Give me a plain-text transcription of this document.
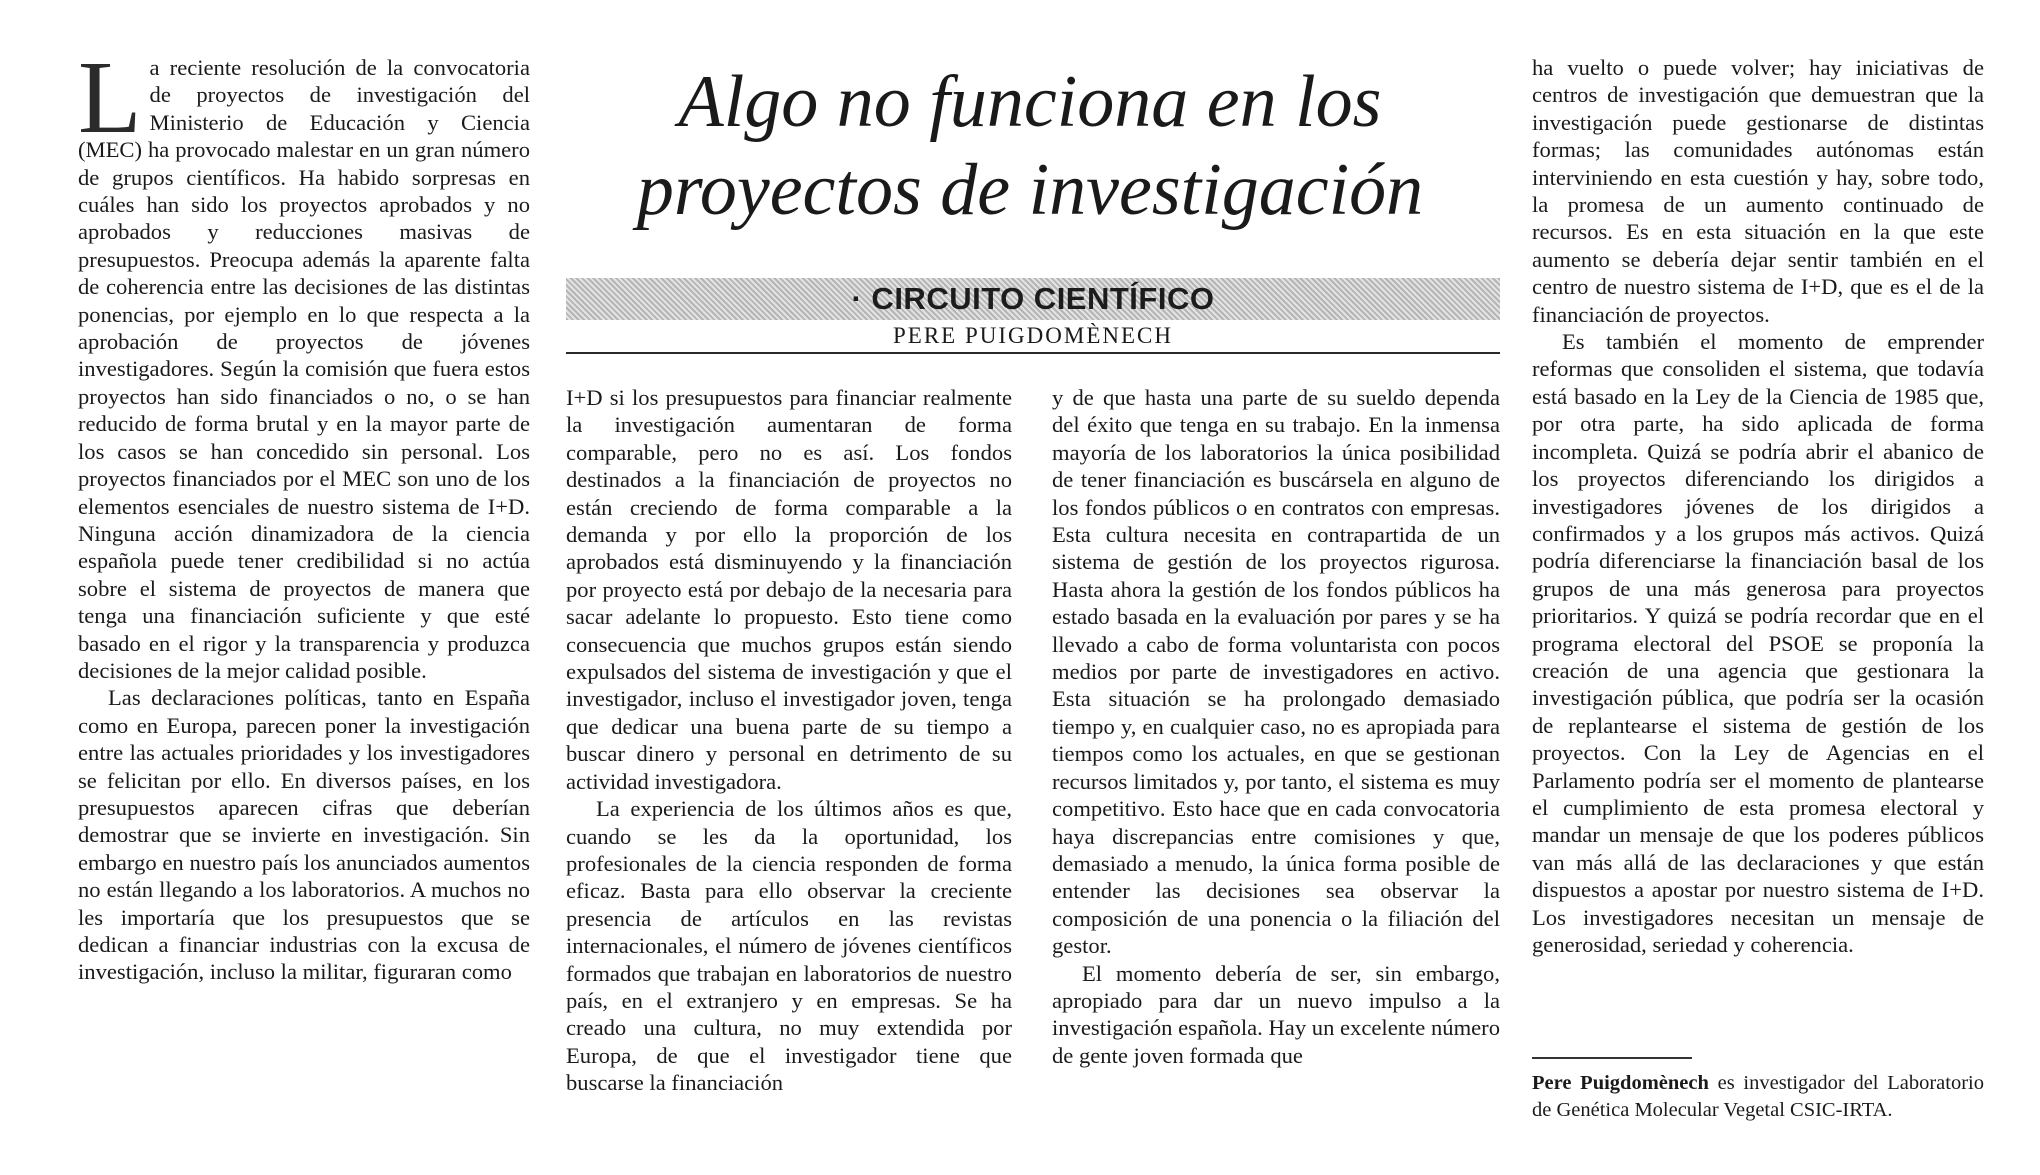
L a reciente resolución de la convocatoria de proyectos de investigación del Ministerio de Educación y Ciencia (MEC) ha provocado malestar en un gran número de grupos científicos. Ha habido sorpresas en cuáles han sido los proyectos aprobados y no aprobados y reducciones masivas de presupuestos. Preocupa además la aparente falta de coherencia entre las decisiones de las distintas ponencias, por ejemplo en lo que respecta a la aprobación de proyectos de jóvenes investigadores. Según la comisión que fuera estos proyectos han sido financiados o no, o se han reducido de forma brutal y en la mayor parte de los casos se han concedido sin personal. Los proyectos financiados por el MEC son uno de los elementos esenciales de nuestro sistema de I+D. Ninguna acción dinamizadora de la ciencia española puede tener credibilidad si no actúa sobre el sistema de proyectos de manera que tenga una financiación suficiente y que esté basado en el rigor y la transparencia y produzca decisiones de la mejor calidad posible.

Las declaraciones políticas, tanto en España como en Europa, parecen poner la investigación entre las actuales prioridades y los investigadores se felicitan por ello. En diversos países, en los presupuestos aparecen cifras que deberían demostrar que se invierte en investigación. Sin embargo en nuestro país los anunciados aumentos no están llegando a los laboratorios. A muchos no les importaría que los presupuestos que se dedican a financiar industrias con la excusa de investigación, incluso la militar, figuraran como

Algo no funciona en los
proyectos de investigación
· CIRCUITO CIENTÍFICO
PERE PUIGDOMÈNECH

I+D si los presupuestos para financiar realmente la investigación aumentaran de forma comparable, pero no es así. Los fondos destinados a la financiación de proyectos no están creciendo de forma comparable a la demanda y por ello la proporción de los aprobados está disminuyendo y la financiación por proyecto está por debajo de la necesaria para sacar adelante lo propuesto. Esto tiene como consecuencia que muchos grupos están siendo expulsados del sistema de investigación y que el investigador, incluso el investigador joven, tenga que dedicar una buena parte de su tiempo a buscar dinero y personal en detrimento de su actividad investigadora.

La experiencia de los últimos años es que, cuando se les da la oportunidad, los profesionales de la ciencia responden de forma eficaz. Basta para ello observar la creciente presencia de artículos en las revistas internacionales, el número de jóvenes científicos formados que trabajan en laboratorios de nuestro país, en el extranjero y en empresas. Se ha creado una cultura, no muy extendida por Europa, de que el investigador tiene que buscarse la financiación

y de que hasta una parte de su sueldo dependa del éxito que tenga en su trabajo. En la inmensa mayoría de los laboratorios la única posibilidad de tener financiación es buscársela en alguno de los fondos públicos o en contratos con empresas. Esta cultura necesita en contrapartida de un sistema de gestión de los proyectos rigurosa. Hasta ahora la gestión de los fondos públicos ha estado basada en la evaluación por pares y se ha llevado a cabo de forma voluntarista con pocos medios por parte de investigadores en activo. Esta situación se ha prolongado demasiado tiempo y, en cualquier caso, no es apropiada para tiempos como los actuales, en que se gestionan recursos limitados y, por tanto, el sistema es muy competitivo. Esto hace que en cada convocatoria haya discrepancias entre comisiones y que, demasiado a menudo, la única forma posible de entender las decisiones sea observar la composición de una ponencia o la filiación del gestor.

El momento debería de ser, sin embargo, apropiado para dar un nuevo impulso a la investigación española. Hay un excelente número de gente joven formada que

ha vuelto o puede volver; hay iniciativas de centros de investigación que demuestran que la investigación puede gestionarse de distintas formas; las comunidades autónomas están interviniendo en esta cuestión y hay, sobre todo, la promesa de un aumento continuado de recursos. Es en esta situación en la que este aumento se debería dejar sentir también en el centro de nuestro sistema de I+D, que es el de la financiación de proyectos.

Es también el momento de emprender reformas que consoliden el sistema, que todavía está basado en la Ley de la Ciencia de 1985 que, por otra parte, ha sido aplicada de forma incompleta. Quizá se podría abrir el abanico de los proyectos diferenciando los dirigidos a investigadores jóvenes de los dirigidos a confirmados y a los grupos más activos. Quizá podría diferenciarse la financiación basal de los grupos de una más generosa para proyectos prioritarios. Y quizá se podría recordar que en el programa electoral del PSOE se proponía la creación de una agencia que gestionara la investigación pública, que podría ser la ocasión de replantearse el sistema de gestión de los proyectos. Con la Ley de Agencias en el Parlamento podría ser el momento de plantearse el cumplimiento de esta promesa electoral y mandar un mensaje de que los poderes públicos van más allá de las declaraciones y que están dispuestos a apostar por nuestro sistema de I+D. Los investigadores necesitan un mensaje de generosidad, seriedad y coherencia.

Pere Puigdomènech es investigador del Laboratorio de Genética Molecular Vegetal CSIC-IRTA.
